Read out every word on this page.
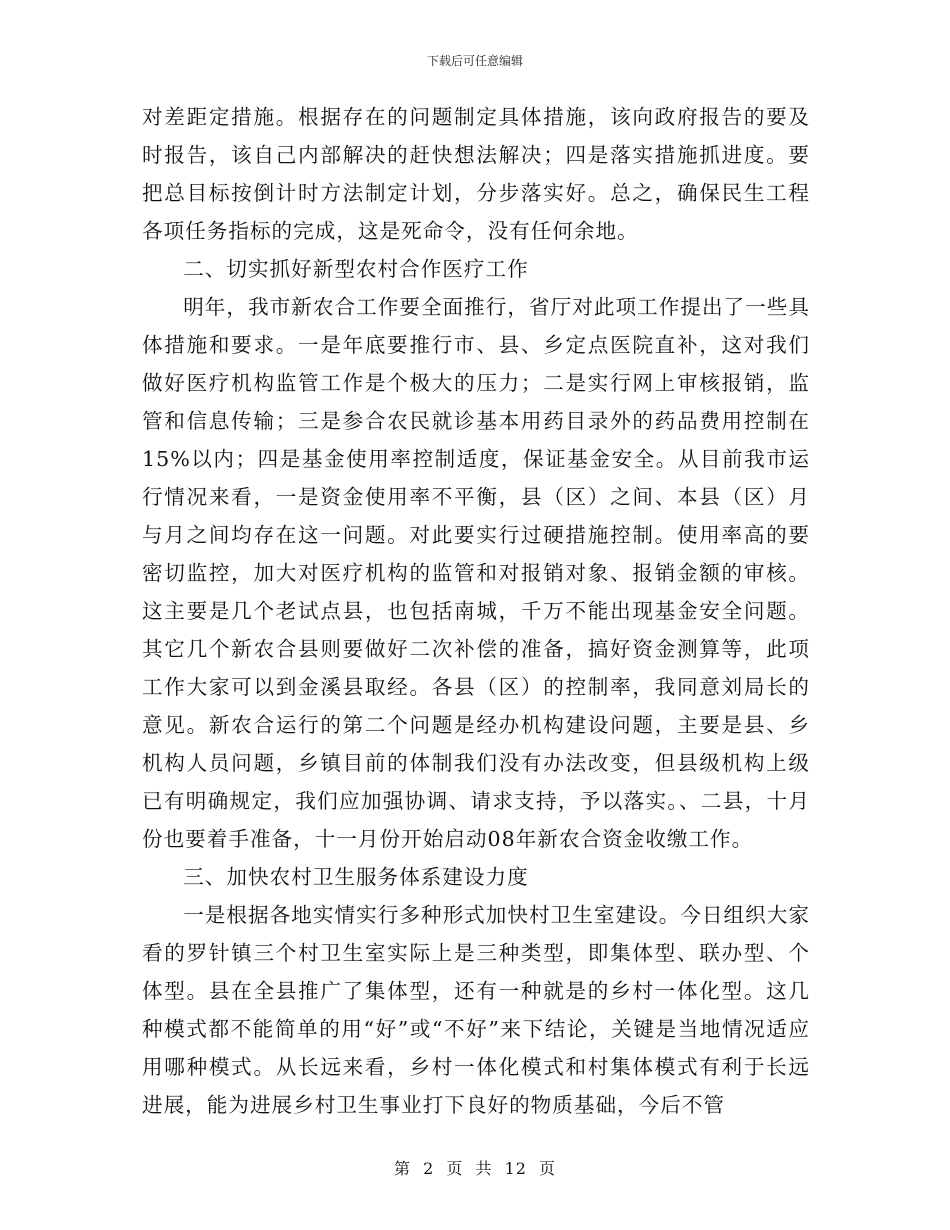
下载后可任意编辑

对差距定措施。根据存在的问题制定具体措施，该向政府报告的要及时报告，该自己内部解决的赶快想法解决；四是落实措施抓进度。要把总目标按倒计时方法制定计划，分步落实好。总之，确保民生工程各项任务指标的完成，这是死命令，没有任何余地。

二、切实抓好新型农村合作医疗工作

明年，我市新农合工作要全面推行，省厅对此项工作提出了一些具体措施和要求。一是年底要推行市、县、乡定点医院直补，这对我们做好医疗机构监管工作是个极大的压力；二是实行网上审核报销，监管和信息传输；三是参合农民就诊基本用药目录外的药品费用控制在15%以内；四是基金使用率控制适度，保证基金安全。从目前我市运行情况来看，一是资金使用率不平衡，县（区）之间、本县（区）月与月之间均存在这一问题。对此要实行过硬措施控制。使用率高的要密切监控，加大对医疗机构的监管和对报销对象、报销金额的审核。这主要是几个老试点县，也包括南城，千万不能出现基金安全问题。其它几个新农合县则要做好二次补偿的准备，搞好资金测算等，此项工作大家可以到金溪县取经。各县（区）的控制率，我同意刘局长的意见。新农合运行的第二个问题是经办机构建设问题，主要是县、乡机构人员问题，乡镇目前的体制我们没有办法改变，但县级机构上级已有明确规定，我们应加强协调、请求支持，予以落实。、二县，十月份也要着手准备，十一月份开始启动08年新农合资金收缴工作。

三、加快农村卫生服务体系建设力度

一是根据各地实情实行多种形式加快村卫生室建设。今日组织大家看的罗针镇三个村卫生室实际上是三种类型，即集体型、联办型、个体型。县在全县推广了集体型，还有一种就是的乡村一体化型。这几种模式都不能简单的用“好”或“不好”来下结论，关键是当地情况适应用哪种模式。从长远来看，乡村一体化模式和村集体模式有利于长远进展，能为进展乡村卫生事业打下良好的物质基础，今后不管

第 2 页 共 12 页
